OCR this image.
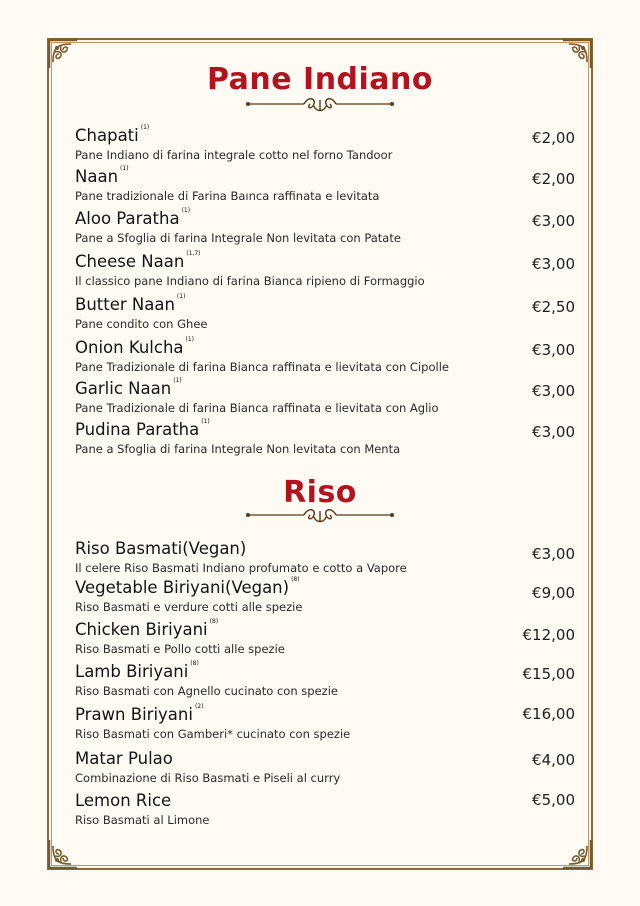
Pane Indiano
Chapati $^{(1)}$
Pane Indiano di farina integrale cotto nel forno Tandoor
€2,00
Naan $^{(1)}$
Pane tradizionale di Farina Baınca raffinata e levitata
€2,00
Aloo Paratha $^{(1)}$
Pane a Sfoglia di farina Integrale Non levitata con Patate
€3,00
Cheese Naan $^{(1,7)}$
Il classico pane Indiano di farina Bianca ripieno di Formaggio
€3,00
Butter Naan $^{(1)}$
Pane condito con Ghee
€2,50
Onion Kulcha $^{(1)}$
Pane Tradizionale di farina Bianca raffinata e lievitata con Cipolle
€3,00
Garlic Naan $^{(1)}$
Pane Tradizionale di farina Bianca raffinata e lievitata con Aglio
€3,00
Pudina Paratha $^{(1)}$
Pane a Sfoglia di farina Integrale Non levitata con Menta
€3,00
Riso
Riso Basmati(Vegan)
Il celere Riso Basmati Indiano profumato e cotto a Vapore
€3,00
Vegetable Biriyani(Vegan) $^{(8)}$
Riso Basmati e verdure cotti alle spezie
€9,00
Chicken Biriyani $^{(8)}$
Riso Basmati e Pollo cotti alle spezie
€12,00
Lamb Biriyani $^{(8)}$
Riso Basmati con Agnello cucinato con spezie
€15,00
Prawn Biriyani $^{(2)}$
Riso Basmati con Gamberi* cucinato con spezie
€16,00
Matar Pulao
Combinazione di Riso Basmati e Piseli al curry
€4,00
Lemon Rice
Riso Basmati al Limone
€5,00
